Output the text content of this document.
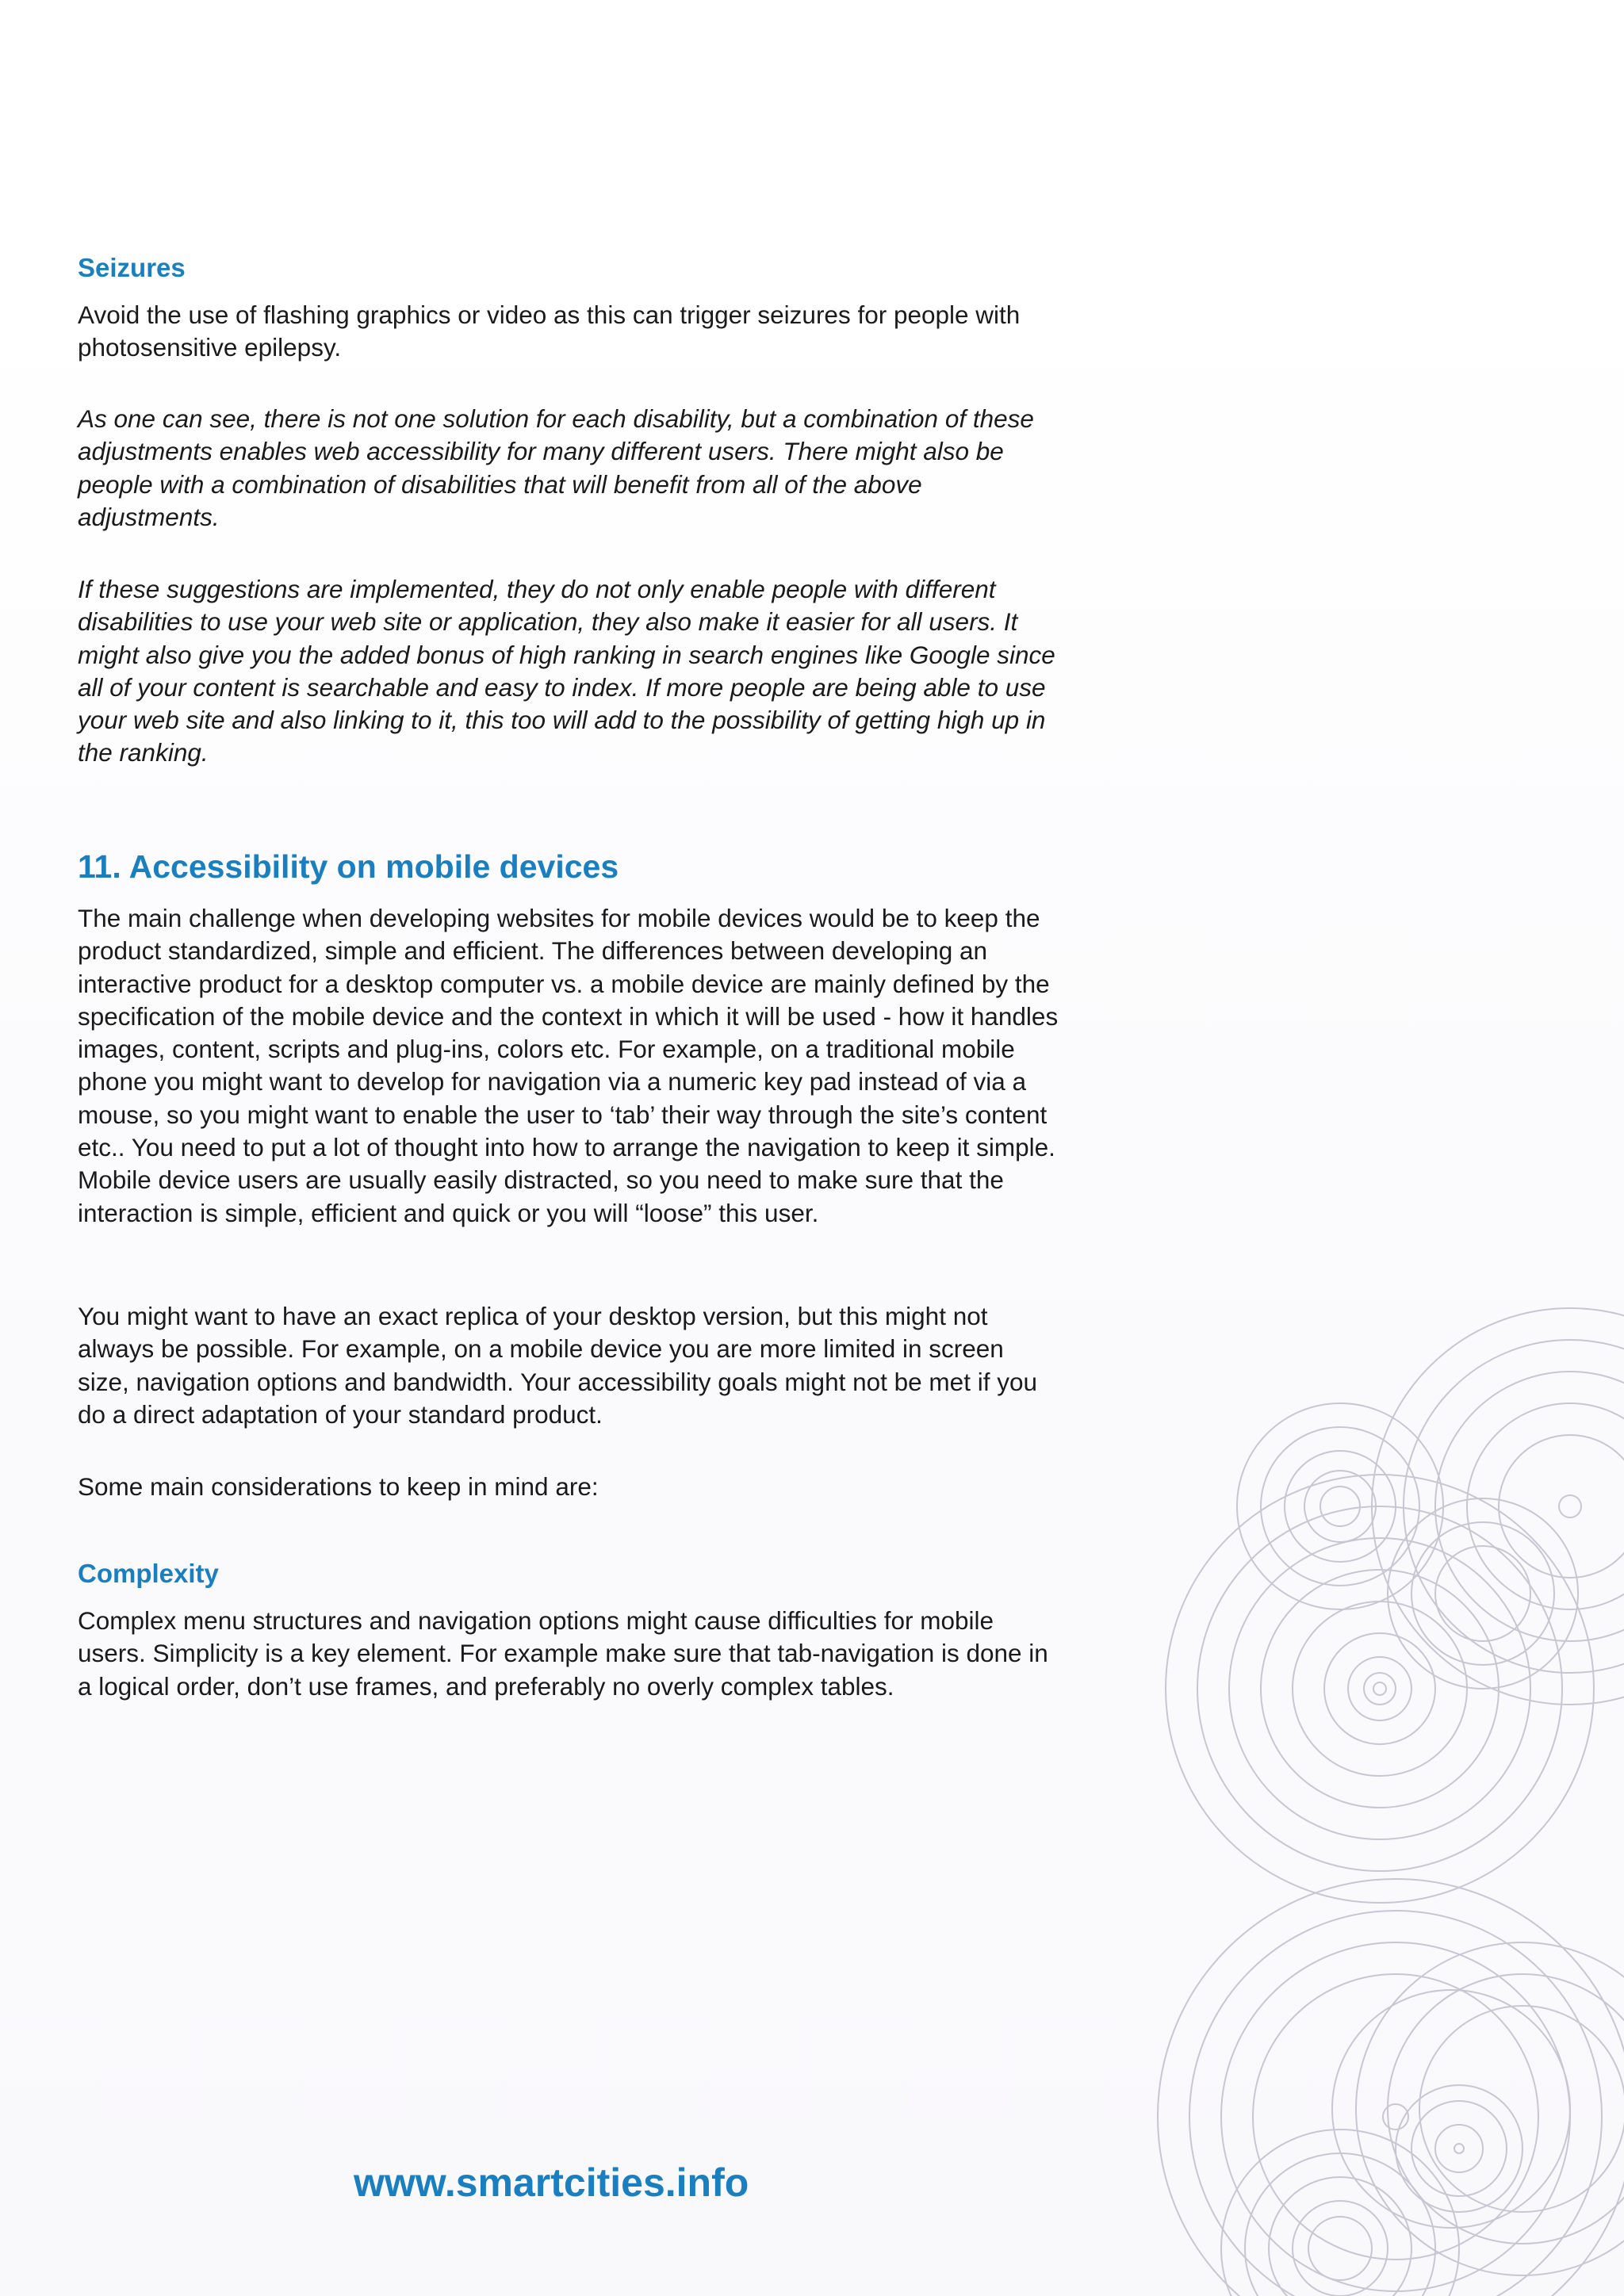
Seizures

Avoid the use of flashing graphics or video as this can trigger seizures for people with photosensitive epilepsy.

As one can see, there is not one solution for each disability, but a combination of these adjustments enables web accessibility for many different users. There might also be people with a combination of disabilities that will benefit from all of the above adjustments.

If these suggestions are implemented, they do not only enable people with different disabilities to use your web site or application, they also make it easier for all users. It might also give you the added bonus of high ranking in search engines like Google since all of your content is searchable and easy to index. If more people are being able to use your web site and also linking to it, this too will add to the possibility of getting high up in the ranking.

11. Accessibility on mobile devices

The main challenge when developing websites for mobile devices would be to keep the product standardized, simple and efficient. The differences between developing an interactive product for a desktop computer vs. a mobile device are mainly defined by the specification of the mobile device and the context in which it will be used - how it handles images, content, scripts and plug-ins, colors etc. For example, on a traditional mobile phone you might want to develop for navigation via a numeric key pad instead of via a mouse, so you might want to enable the user to ‘tab’ their way through the site’s content etc.. You need to put a lot of thought into how to arrange the navigation to keep it simple. Mobile device users are usually easily distracted, so you need to make sure that the interaction is simple, efficient and quick or you will “loose” this user.

You might want to have an exact replica of your desktop version, but this might not always be possible. For example, on a mobile device you are more limited in screen size, navigation options and bandwidth. Your accessibility goals might not be met if you do a direct adaptation of your standard product.

Some main considerations to keep in mind are:

Complexity

Complex menu structures and navigation options might cause difficulties for mobile users. Simplicity is a key element. For example make sure that tab-navigation is done in a logical order, don’t use frames, and preferably no overly complex tables.

www.smartcities.info
